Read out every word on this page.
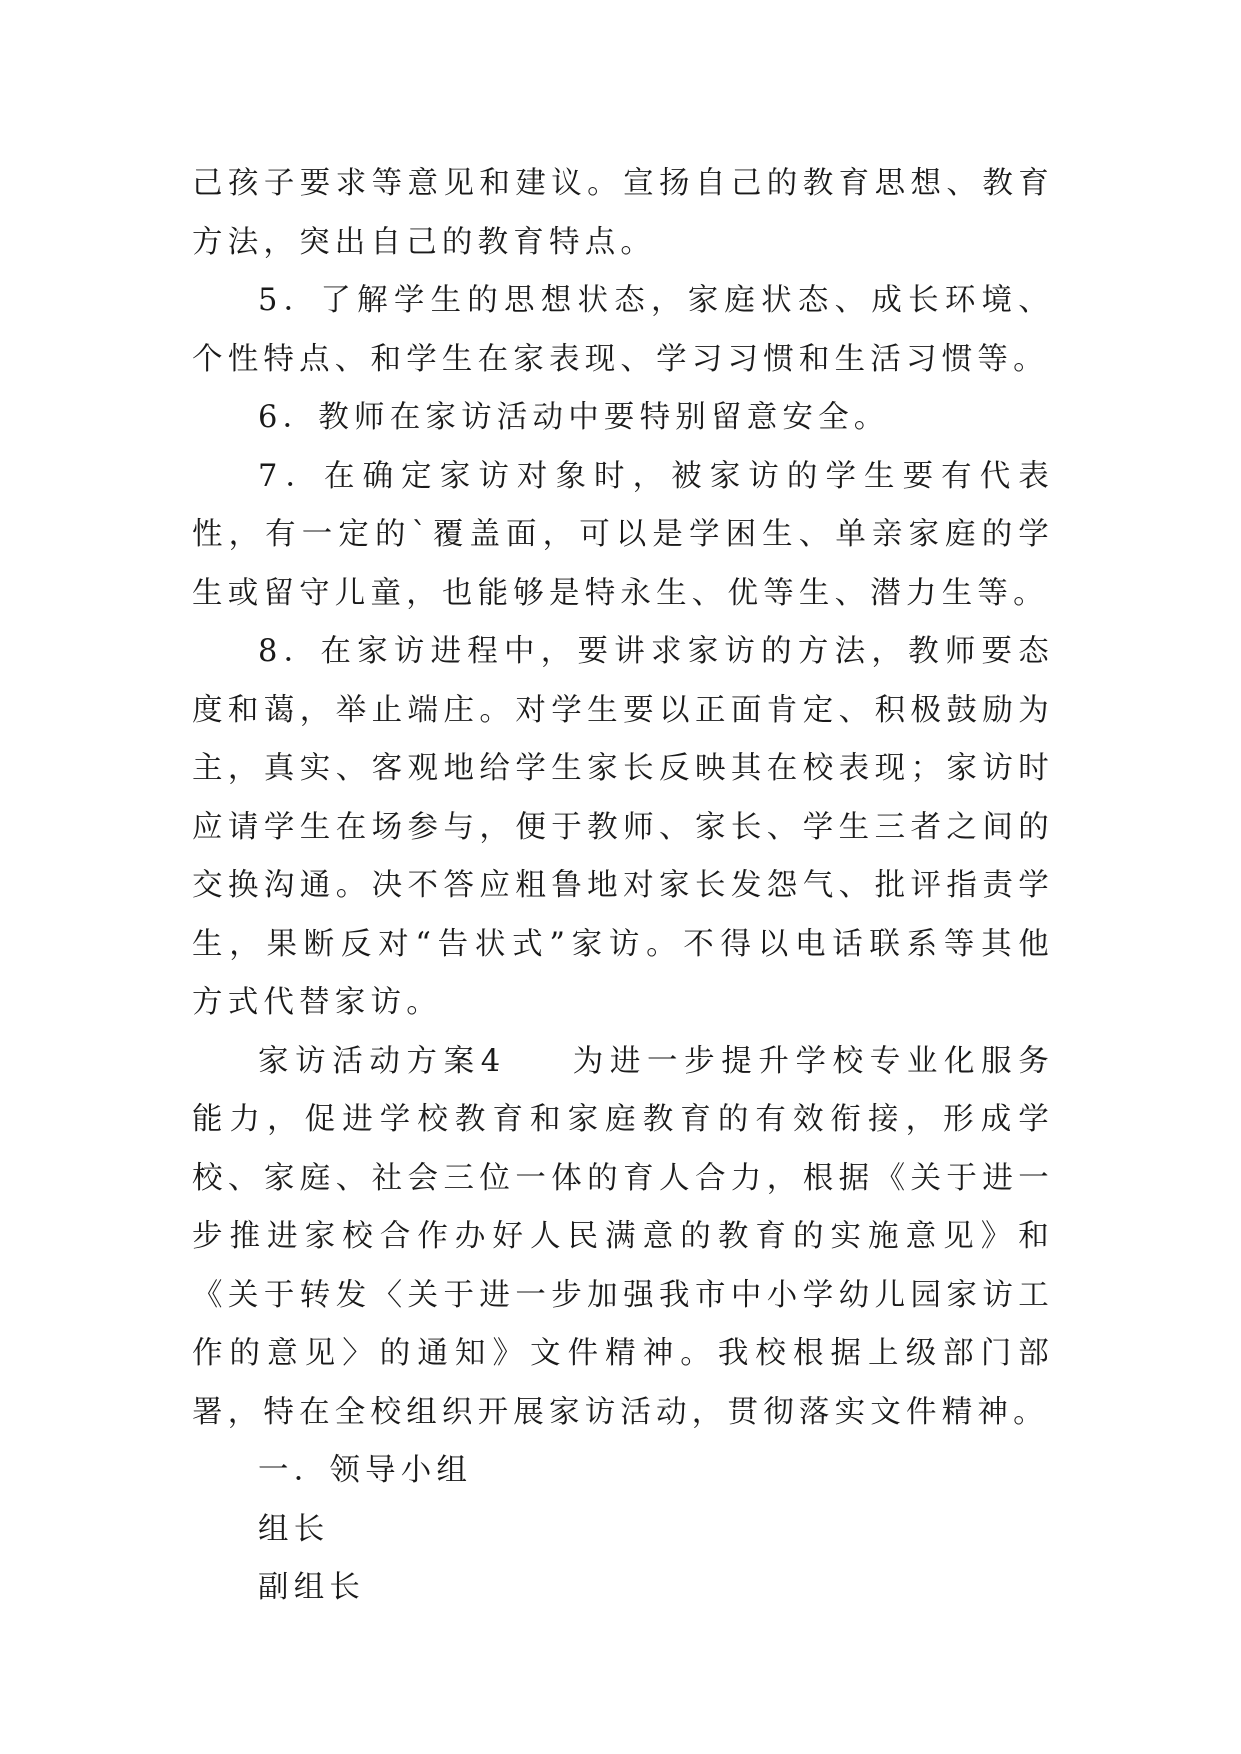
己孩子要求等意见和建议。宣扬自己的教育思想、教育方法，突出自己的教育特点。

5．了解学生的思想状态，家庭状态、成长环境、个性特点、和学生在家表现、学习习惯和生活习惯等。

6．教师在家访活动中要特别留意安全。

7．在确定家访对象时，被家访的学生要有代表性，有一定的`覆盖面，可以是学困生、单亲家庭的学生或留守儿童，也能够是特永生、优等生、潜力生等。

8．在家访进程中，要讲求家访的方法，教师要态度和蔼，举止端庄。对学生要以正面肯定、积极鼓励为主，真实、客观地给学生家长反映其在校表现；家访时应请学生在场参与，便于教师、家长、学生三者之间的交换沟通。决不答应粗鲁地对家长发怨气、批评指责学生，果断反对“告状式”家访。不得以电话联系等其他方式代替家访。

家访活动方案4 为进一步提升学校专业化服务能力，促进学校教育和家庭教育的有效衔接，形成学校、家庭、社会三位一体的育人合力，根据《关于进一步推进家校合作办好人民满意的教育的实施意见》和《关于转发〈关于进一步加强我市中小学幼儿园家访工作的意见〉的通知》文件精神。我校根据上级部门部署，特在全校组织开展家访活动，贯彻落实文件精神。

一．领导小组

组长

副组长
